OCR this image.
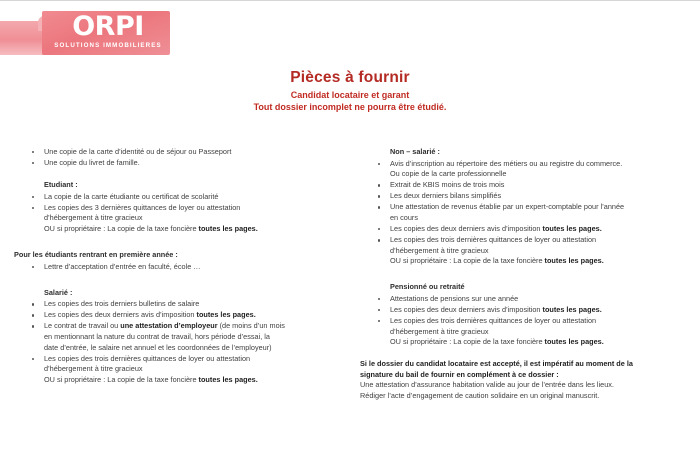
ORPI
SOLUTIONS IMMOBILIERES
Pièces à fournir
Candidat locataire et garant
Tout dossier incomplet ne pourra être étudié.
Une copie de la carte d’identité ou de séjour ou Passeport
Une copie du livret de famille.
Etudiant :
La copie de la carte étudiante ou certificat de scolarité
Les copies des 3 dernières quittances de loyer ou attestation
d’hébergement à titre gracieux
OU si propriétaire : La copie de la taxe foncière toutes les pages.
Pour les étudiants rentrant en première année :
Lettre d’acceptation d’entrée en faculté, école …
Salarié :
Les copies des trois derniers bulletins de salaire
Les copies des deux derniers avis d’imposition toutes les pages.
Le contrat de travail ou une attestation d’employeur (de moins d’un mois
en mentionnant la nature du contrat de travail, hors période d’essai, la
date d’entrée, le salaire net annuel et les coordonnées de l’employeur)
Les copies des trois dernières quittances de loyer ou attestation
d’hébergement à titre gracieux
OU si propriétaire : La copie de la taxe foncière toutes les pages.
Non – salarié :
Avis d’inscription au répertoire des métiers ou au registre du commerce.
Ou copie de la carte professionnelle
Extrait de KBIS moins de trois mois
Les deux derniers bilans simplifiés
Une attestation de revenus établie par un expert-comptable pour l’année
en cours
Les copies des deux derniers avis d’imposition toutes les pages.
Les copies des trois dernières quittances de loyer ou attestation
d’hébergement à titre gracieux
OU si propriétaire : La copie de la taxe foncière toutes les pages.
Pensionné ou retraité
Attestations de pensions sur une année
Les copies des deux derniers avis d’imposition toutes les pages.
Les copies des trois dernières quittances de loyer ou attestation
d’hébergement à titre gracieux
OU si propriétaire : La copie de la taxe foncière toutes les pages.
Si le dossier du candidat locataire est accepté, il est impératif au moment de la
signature du bail de fournir en complément à ce dossier :
Une attestation d’assurance habitation valide au jour de l’entrée dans les lieux.
Rédiger l’acte d’engagement de caution solidaire en un original manuscrit.
